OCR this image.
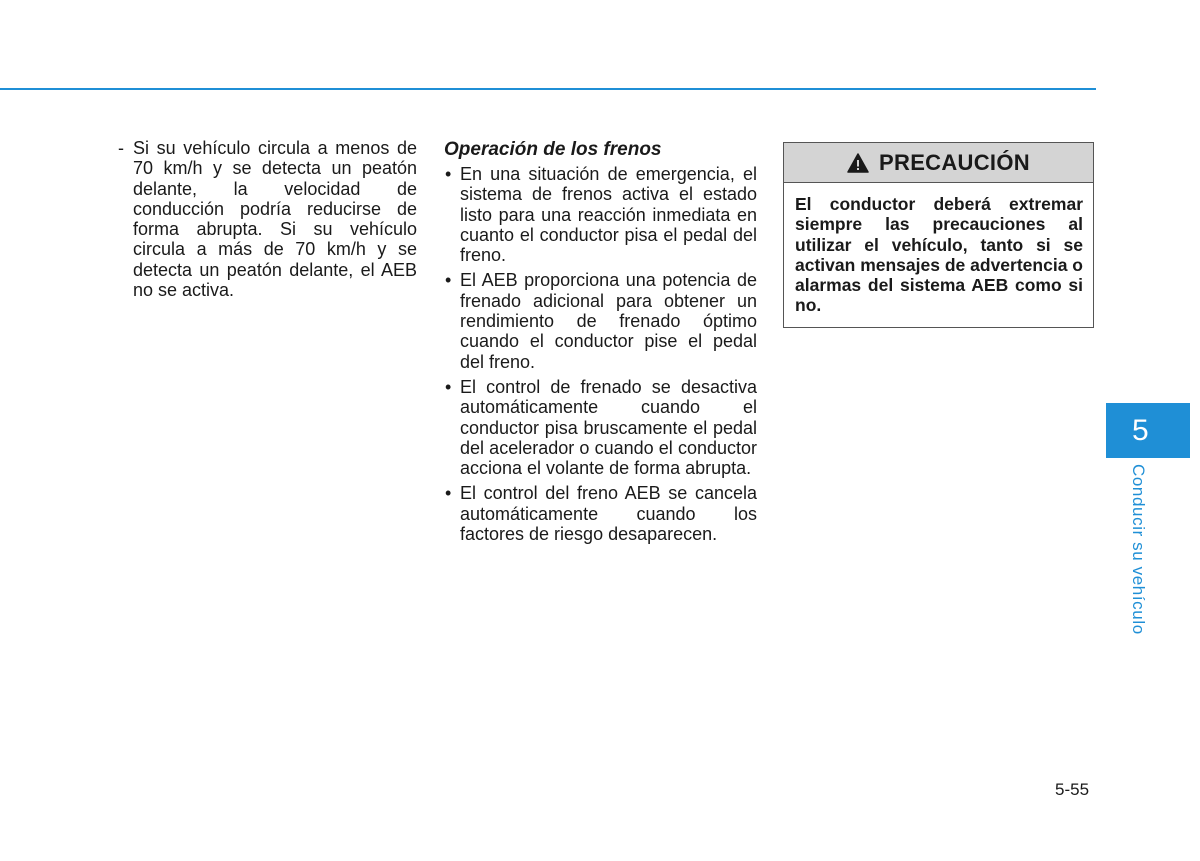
- Si su vehículo circula a menos de 70 km/h y se detecta un peatón delante, la velocidad de conducción podría reducirse de forma abrupta. Si su vehículo circula a más de 70 km/h y se detecta un peatón delante, el AEB no se activa.

Operación de los frenos
• En una situación de emergencia, el sistema de frenos activa el estado listo para una reacción inmediata en cuanto el conductor pisa el pedal del freno.
• El AEB proporciona una potencia de frenado adicional para obtener un rendimiento de frenado óptimo cuando el conductor pise el pedal del freno.
• El control de frenado se desactiva automáticamente cuando el conductor pisa bruscamente el pedal del acelerador o cuando el conductor acciona el volante de forma abrupta.
• El control del freno AEB se cancela automáticamente cuando los factores de riesgo desaparecen.
PRECAUCIÓN
El conductor deberá extremar siempre las precauciones al utilizar el vehículo, tanto si se activan mensajes de advertencia o alarmas del sistema AEB como si no.
5
Conducir su vehículo
5-55
